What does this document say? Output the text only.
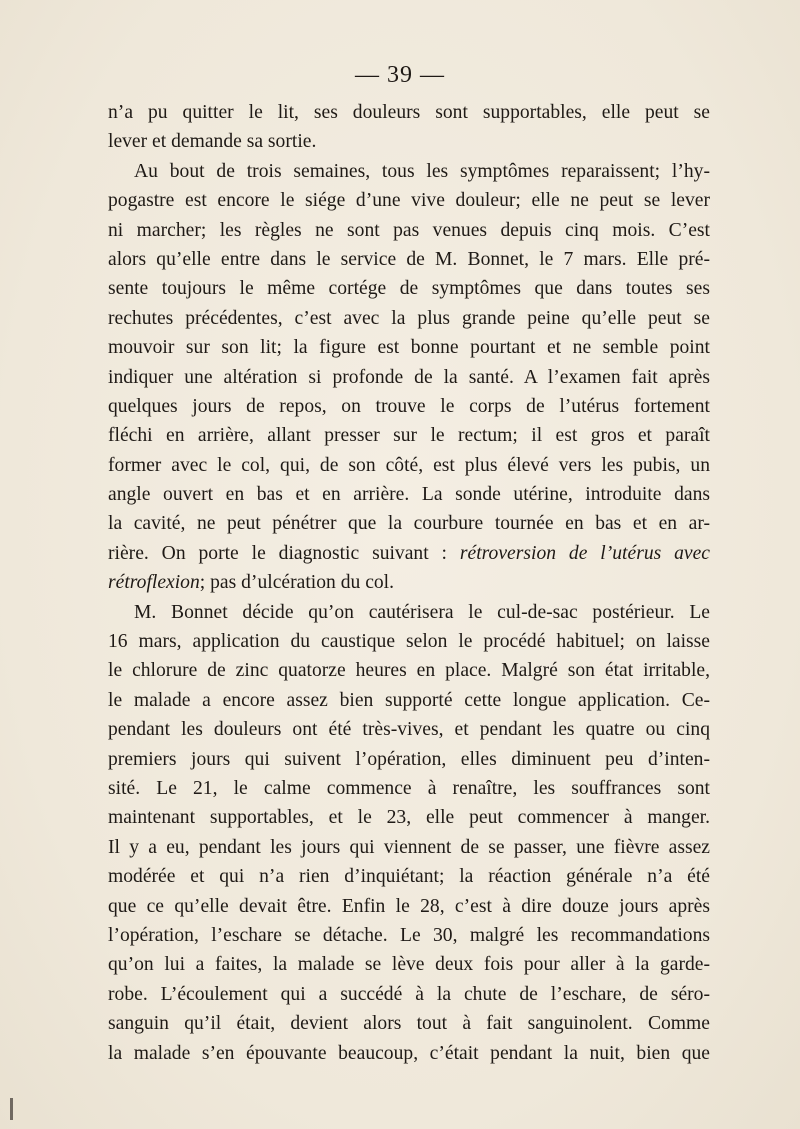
— 39 —
n’a pu quitter le lit, ses douleurs sont supportables, elle peut se
lever et demande sa sortie.
Au bout de trois semaines, tous les symptômes reparaissent; l’hy-
pogastre est encore le siége d’une vive douleur; elle ne peut se lever
ni marcher; les règles ne sont pas venues depuis cinq mois. C’est
alors qu’elle entre dans le service de M. Bonnet, le 7 mars. Elle pré-
sente toujours le même cortége de symptômes que dans toutes ses
rechutes précédentes, c’est avec la plus grande peine qu’elle peut se
mouvoir sur son lit; la figure est bonne pourtant et ne semble point
indiquer une altération si profonde de la santé. A l’examen fait après
quelques jours de repos, on trouve le corps de l’utérus fortement
fléchi en arrière, allant presser sur le rectum; il est gros et paraît
former avec le col, qui, de son côté, est plus élevé vers les pubis, un
angle ouvert en bas et en arrière. La sonde utérine, introduite dans
la cavité, ne peut pénétrer que la courbure tournée en bas et en ar-
rière. On porte le diagnostic suivant : rétroversion de l’utérus avec
rétroflexion; pas d’ulcération du col.
M. Bonnet décide qu’on cautérisera le cul-de-sac postérieur. Le
16 mars, application du caustique selon le procédé habituel; on laisse
le chlorure de zinc quatorze heures en place. Malgré son état irritable,
le malade a encore assez bien supporté cette longue application. Ce-
pendant les douleurs ont été très-vives, et pendant les quatre ou cinq
premiers jours qui suivent l’opération, elles diminuent peu d’inten-
sité. Le 21, le calme commence à renaître, les souffrances sont
maintenant supportables, et le 23, elle peut commencer à manger.
Il y a eu, pendant les jours qui viennent de se passer, une fièvre assez
modérée et qui n’a rien d’inquiétant; la réaction générale n’a été
que ce qu’elle devait être. Enfin le 28, c’est à dire douze jours après
l’opération, l’eschare se détache. Le 30, malgré les recommandations
qu’on lui a faites, la malade se lève deux fois pour aller à la garde-
robe. L’écoulement qui a succédé à la chute de l’eschare, de séro-
sanguin qu’il était, devient alors tout à fait sanguinolent. Comme
la malade s’en épouvante beaucoup, c’était pendant la nuit, bien que
